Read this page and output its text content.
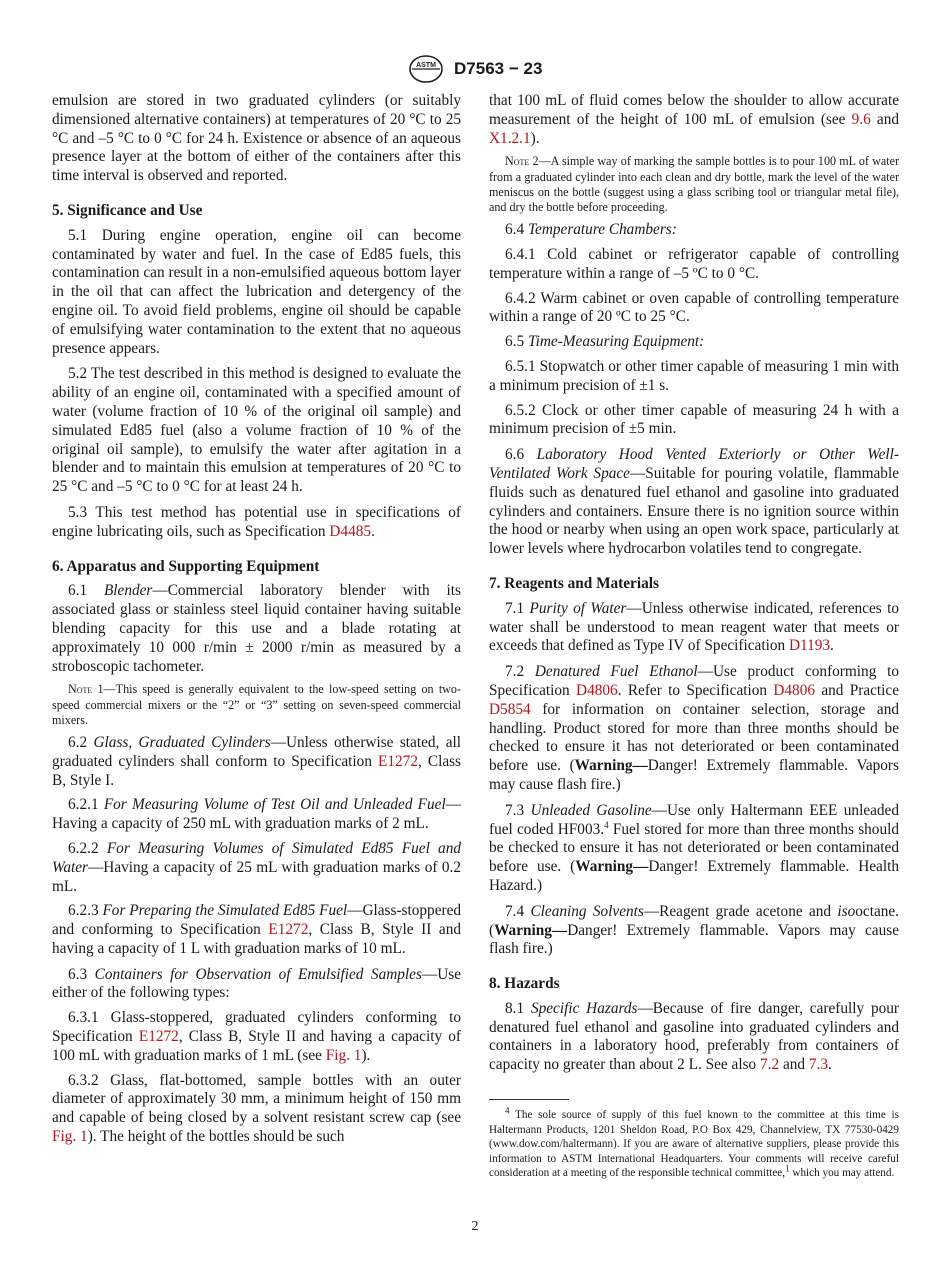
ASTM D7563 − 23

emulsion are stored in two graduated cylinders (or suitably dimensioned alternative containers) at temperatures of 20 °C to 25 °C and –5 °C to 0 °C for 24 h. Existence or absence of an aqueous presence layer at the bottom of either of the containers after this time interval is observed and reported.

5. Significance and Use

5.1 During engine operation, engine oil can become contaminated by water and fuel. In the case of Ed85 fuels, this contamination can result in a non-emulsified aqueous bottom layer in the oil that can affect the lubrication and detergency of the engine oil. To avoid field problems, engine oil should be capable of emulsifying water contamination to the extent that no aqueous presence appears.

5.2 The test described in this method is designed to evaluate the ability of an engine oil, contaminated with a specified amount of water (volume fraction of 10 % of the original oil sample) and simulated Ed85 fuel (also a volume fraction of 10 % of the original oil sample), to emulsify the water after agitation in a blender and to maintain this emulsion at temperatures of 20 °C to 25 °C and –5 °C to 0 °C for at least 24 h.

5.3 This test method has potential use in specifications of engine lubricating oils, such as Specification D4485.

6. Apparatus and Supporting Equipment

6.1 Blender—Commercial laboratory blender with its associated glass or stainless steel liquid container having suitable blending capacity for this use and a blade rotating at approximately 10 000 r/min ± 2000 r/min as measured by a stroboscopic tachometer.

Note 1—This speed is generally equivalent to the low-speed setting on two-speed commercial mixers or the “2” or “3” setting on seven-speed commercial mixers.

6.2 Glass, Graduated Cylinders—Unless otherwise stated, all graduated cylinders shall conform to Specification E1272, Class B, Style I.

6.2.1 For Measuring Volume of Test Oil and Unleaded Fuel—Having a capacity of 250 mL with graduation marks of 2 mL.

6.2.2 For Measuring Volumes of Simulated Ed85 Fuel and Water—Having a capacity of 25 mL with graduation marks of 0.2 mL.

6.2.3 For Preparing the Simulated Ed85 Fuel—Glass-stoppered and conforming to Specification E1272, Class B, Style II and having a capacity of 1 L with graduation marks of 10 mL.

6.3 Containers for Observation of Emulsified Samples—Use either of the following types:

6.3.1 Glass-stoppered, graduated cylinders conforming to Specification E1272, Class B, Style II and having a capacity of 100 mL with graduation marks of 1 mL (see Fig. 1).

6.3.2 Glass, flat-bottomed, sample bottles with an outer diameter of approximately 30 mm, a minimum height of 150 mm and capable of being closed by a solvent resistant screw cap (see Fig. 1). The height of the bottles should be such

that 100 mL of fluid comes below the shoulder to allow accurate measurement of the height of 100 mL of emulsion (see 9.6 and X1.2.1).

Note 2—A simple way of marking the sample bottles is to pour 100 mL of water from a graduated cylinder into each clean and dry bottle, mark the level of the water meniscus on the bottle (suggest using a glass scribing tool or triangular metal file), and dry the bottle before proceeding.

6.4 Temperature Chambers:

6.4.1 Cold cabinet or refrigerator capable of controlling temperature within a range of –5 ºC to 0 °C.

6.4.2 Warm cabinet or oven capable of controlling temperature within a range of 20 ºC to 25 °C.

6.5 Time-Measuring Equipment:

6.5.1 Stopwatch or other timer capable of measuring 1 min with a minimum precision of ±1 s.

6.5.2 Clock or other timer capable of measuring 24 h with a minimum precision of ±5 min.

6.6 Laboratory Hood Vented Exteriorly or Other Well-Ventilated Work Space—Suitable for pouring volatile, flammable fluids such as denatured fuel ethanol and gasoline into graduated cylinders and containers. Ensure there is no ignition source within the hood or nearby when using an open work space, particularly at lower levels where hydrocarbon volatiles tend to congregate.

7. Reagents and Materials

7.1 Purity of Water—Unless otherwise indicated, references to water shall be understood to mean reagent water that meets or exceeds that defined as Type IV of Specification D1193.

7.2 Denatured Fuel Ethanol—Use product conforming to Specification D4806. Refer to Specification D4806 and Practice D5854 for information on container selection, storage and handling. Product stored for more than three months should be checked to ensure it has not deteriorated or been contaminated before use. (Warning—Danger! Extremely flammable. Vapors may cause flash fire.)

7.3 Unleaded Gasoline—Use only Haltermann EEE unleaded fuel coded HF003.$^4$ Fuel stored for more than three months should be checked to ensure it has not deteriorated or been contaminated before use. (Warning—Danger! Extremely flammable. Health Hazard.)

7.4 Cleaning Solvents—Reagent grade acetone and isooctane. (Warning—Danger! Extremely flammable. Vapors may cause flash fire.)

8. Hazards

8.1 Specific Hazards—Because of fire danger, carefully pour denatured fuel ethanol and gasoline into graduated cylinders and containers in a laboratory hood, preferably from containers of capacity no greater than about 2 L. See also 7.2 and 7.3.

$^4$ The sole source of supply of this fuel known to the committee at this time is Haltermann Products, 1201 Sheldon Road, P.O Box 429, Channelview, TX 77530-0429 (www.dow.com/haltermann). If you are aware of alternative suppliers, please provide this information to ASTM International Headquarters. Your comments will receive careful consideration at a meeting of the responsible technical committee,$^1$ which you may attend.
2
